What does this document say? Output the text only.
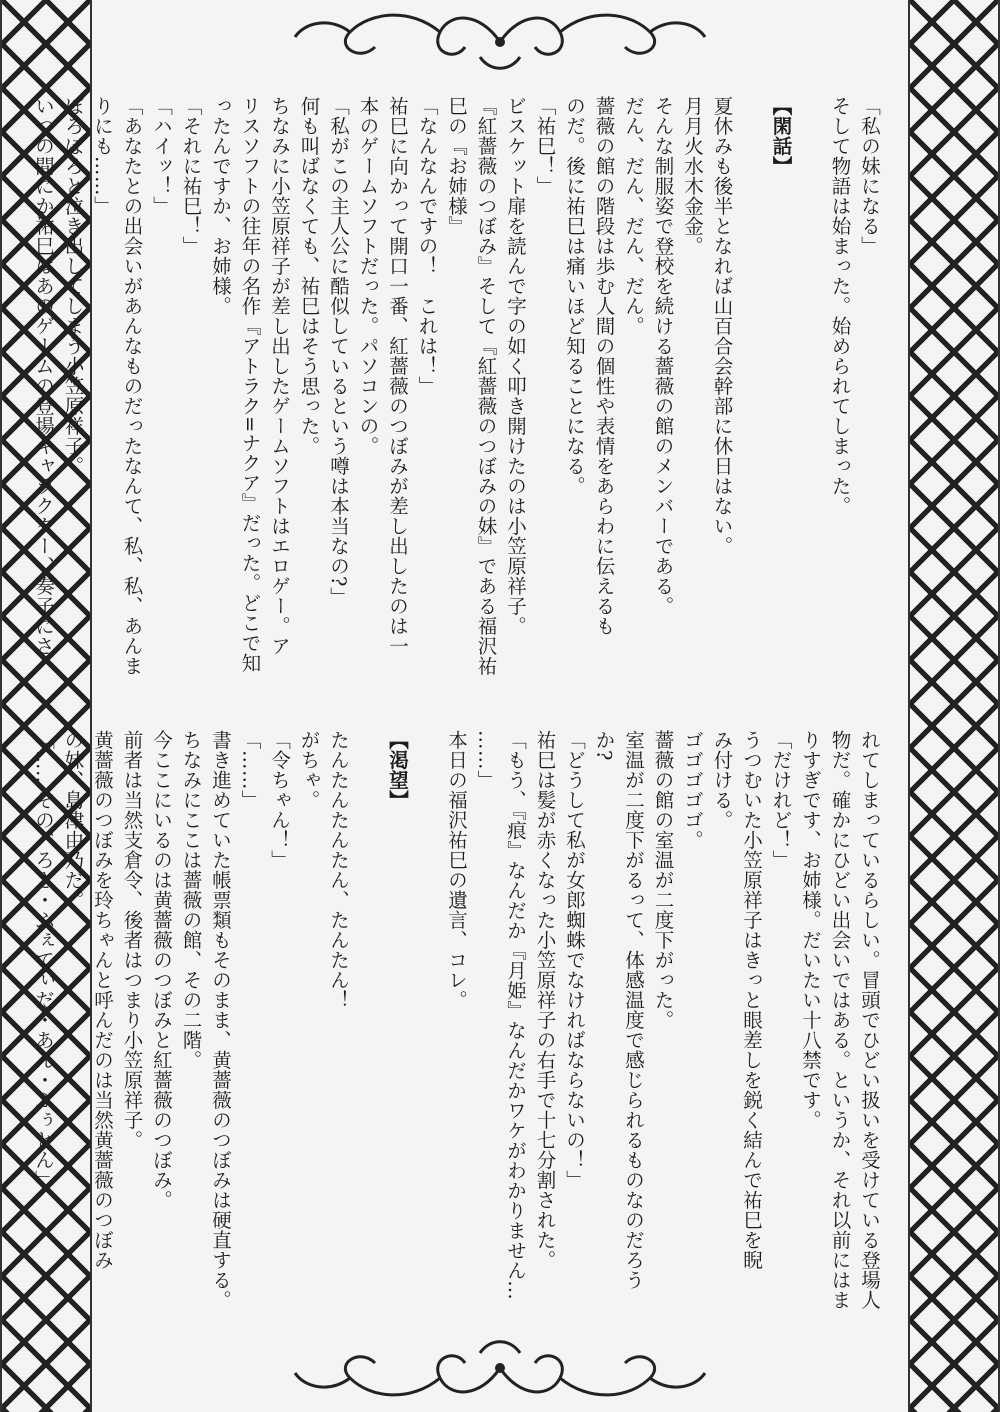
「私の妹になる」
そして物語は始まった。始められてしまった。
【閑話】
夏休みも後半となれば山百合会幹部に休日はない。
月月火水木金金。
そんな制服姿で登校を続ける薔薇の館のメンバーである。
だん、だん、だん、だん。
薔薇の館の階段は歩む人間の個性や表情をあらわに伝えるも
のだ。後に祐巳は痛いほど知ることになる。
「祐巳！」
ビスケット扉を読んで字の如く叩き開けたのは小笠原祥子。
『紅薔薇のつぼみ』そして『紅薔薇のつぼみの妹』である福沢祐
巳の『お姉様』
「なんなんですの！　これは！」
祐巳に向かって開口一番、紅薔薇のつぼみが差し出したのは一
本のゲームソフトだった。パソコンの。
「私がこの主人公に酷似しているという噂は本当なの?」
何も叫ばなくても、祐巳はそう思った。
ちなみに小笠原祥子が差し出したゲームソフトはエロゲー。ア
リスソフトの往年の名作『アトラク=ナクア』だった。どこで知
ったんですか、お姉様。
「それに祐巳！」
「ハイッ！」
「あなたとの出会いがあんなものだったなんて、私、私、あんま
りにも……」
ぼろぼろと泣き出してしまう小笠原祥子。
いつの間にか祐巳はあのゲームの登場キャラクター、奏子にさ
れてしまっているらしい。冒頭でひどい扱いを受けている登場人
物だ。確かにひどい出会いではある。というか、それ以前にはま
りすぎです、お姉様。だいたい十八禁です。
「だけれど！」
うつむいた小笠原祥子はきっと眼差しを鋭く結んで祐巳を睨
み付ける。
ゴゴゴゴゴ。
薔薇の館の室温が二度下がった。
室温が二度下がるって、体感温度で感じられるものなのだろう
か?
「どうして私が女郎蜘蛛でなければならないの！」
祐巳は髪が赤くなった小笠原祥子の右手で十七分割された。
「もう、『痕』なんだか『月姫』なんだかワケがわかりません…
……」
本日の福沢祐巳の遺言、コレ。
【渇望】
たんたんたんたん、たんたん！
がちゃ。
「令ちゃん！」
「……」
書き進めていた帳票類もそのまま、黄薔薇のつぼみは硬直する。
ちなみにここは薔薇の館、その二階。
今ここにいるのは黄薔薇のつぼみと紅薔薇のつぼみ。
前者は当然支倉令、後者はつまり小笠原祥子。
黄薔薇のつぼみを玲ちゃんと呼んだのは当然黄薔薇のつぼみ
の妹、島津由乃だ。
「……その、ろさ・ふぇてぃだ・あん・ぶぅとん」
